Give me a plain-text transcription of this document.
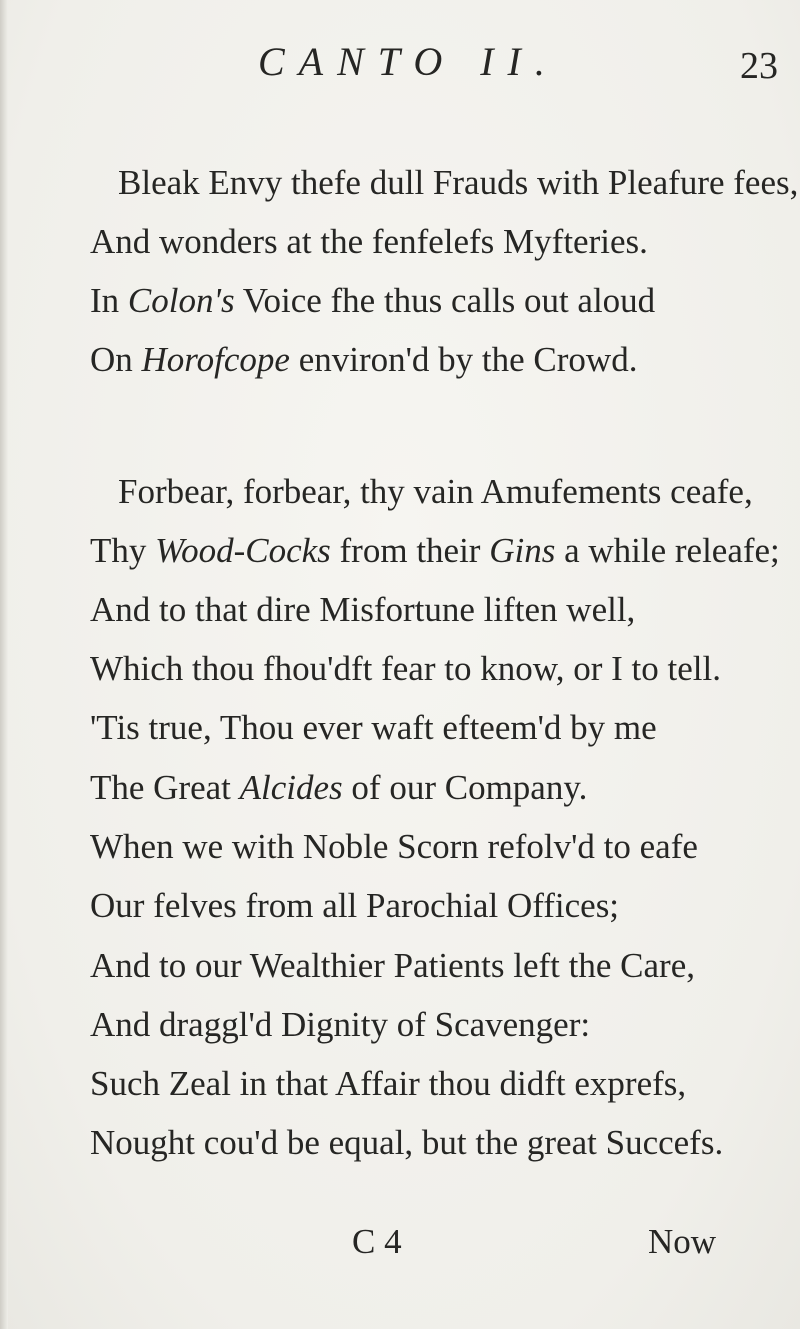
CANTO II.	23
Bleak Envy thefe dull Frauds with Pleafure fees,
And wonders at the fenfelefs Myfteries.
In Colon's Voice fhe thus calls out aloud
On Horofcope environ'd by the Crowd.
Forbear, forbear, thy vain Amufements ceafe,
Thy Wood-Cocks from their Gins a while releafe;
And to that dire Misfortune liften well,
Which thou fhou'dft fear to know, or I to tell.
'Tis true, Thou ever waft efteem'd by me
The Great Alcides of our Company.
When we with Noble Scorn refolv'd to eafe
Our felves from all Parochial Offices;
And to our Wealthier Patients left the Care,
And draggl'd Dignity of Scavenger:
Such Zeal in that Affair thou didft exprefs,
Nought cou'd be equal, but the great Succefs.
C 4	Now
